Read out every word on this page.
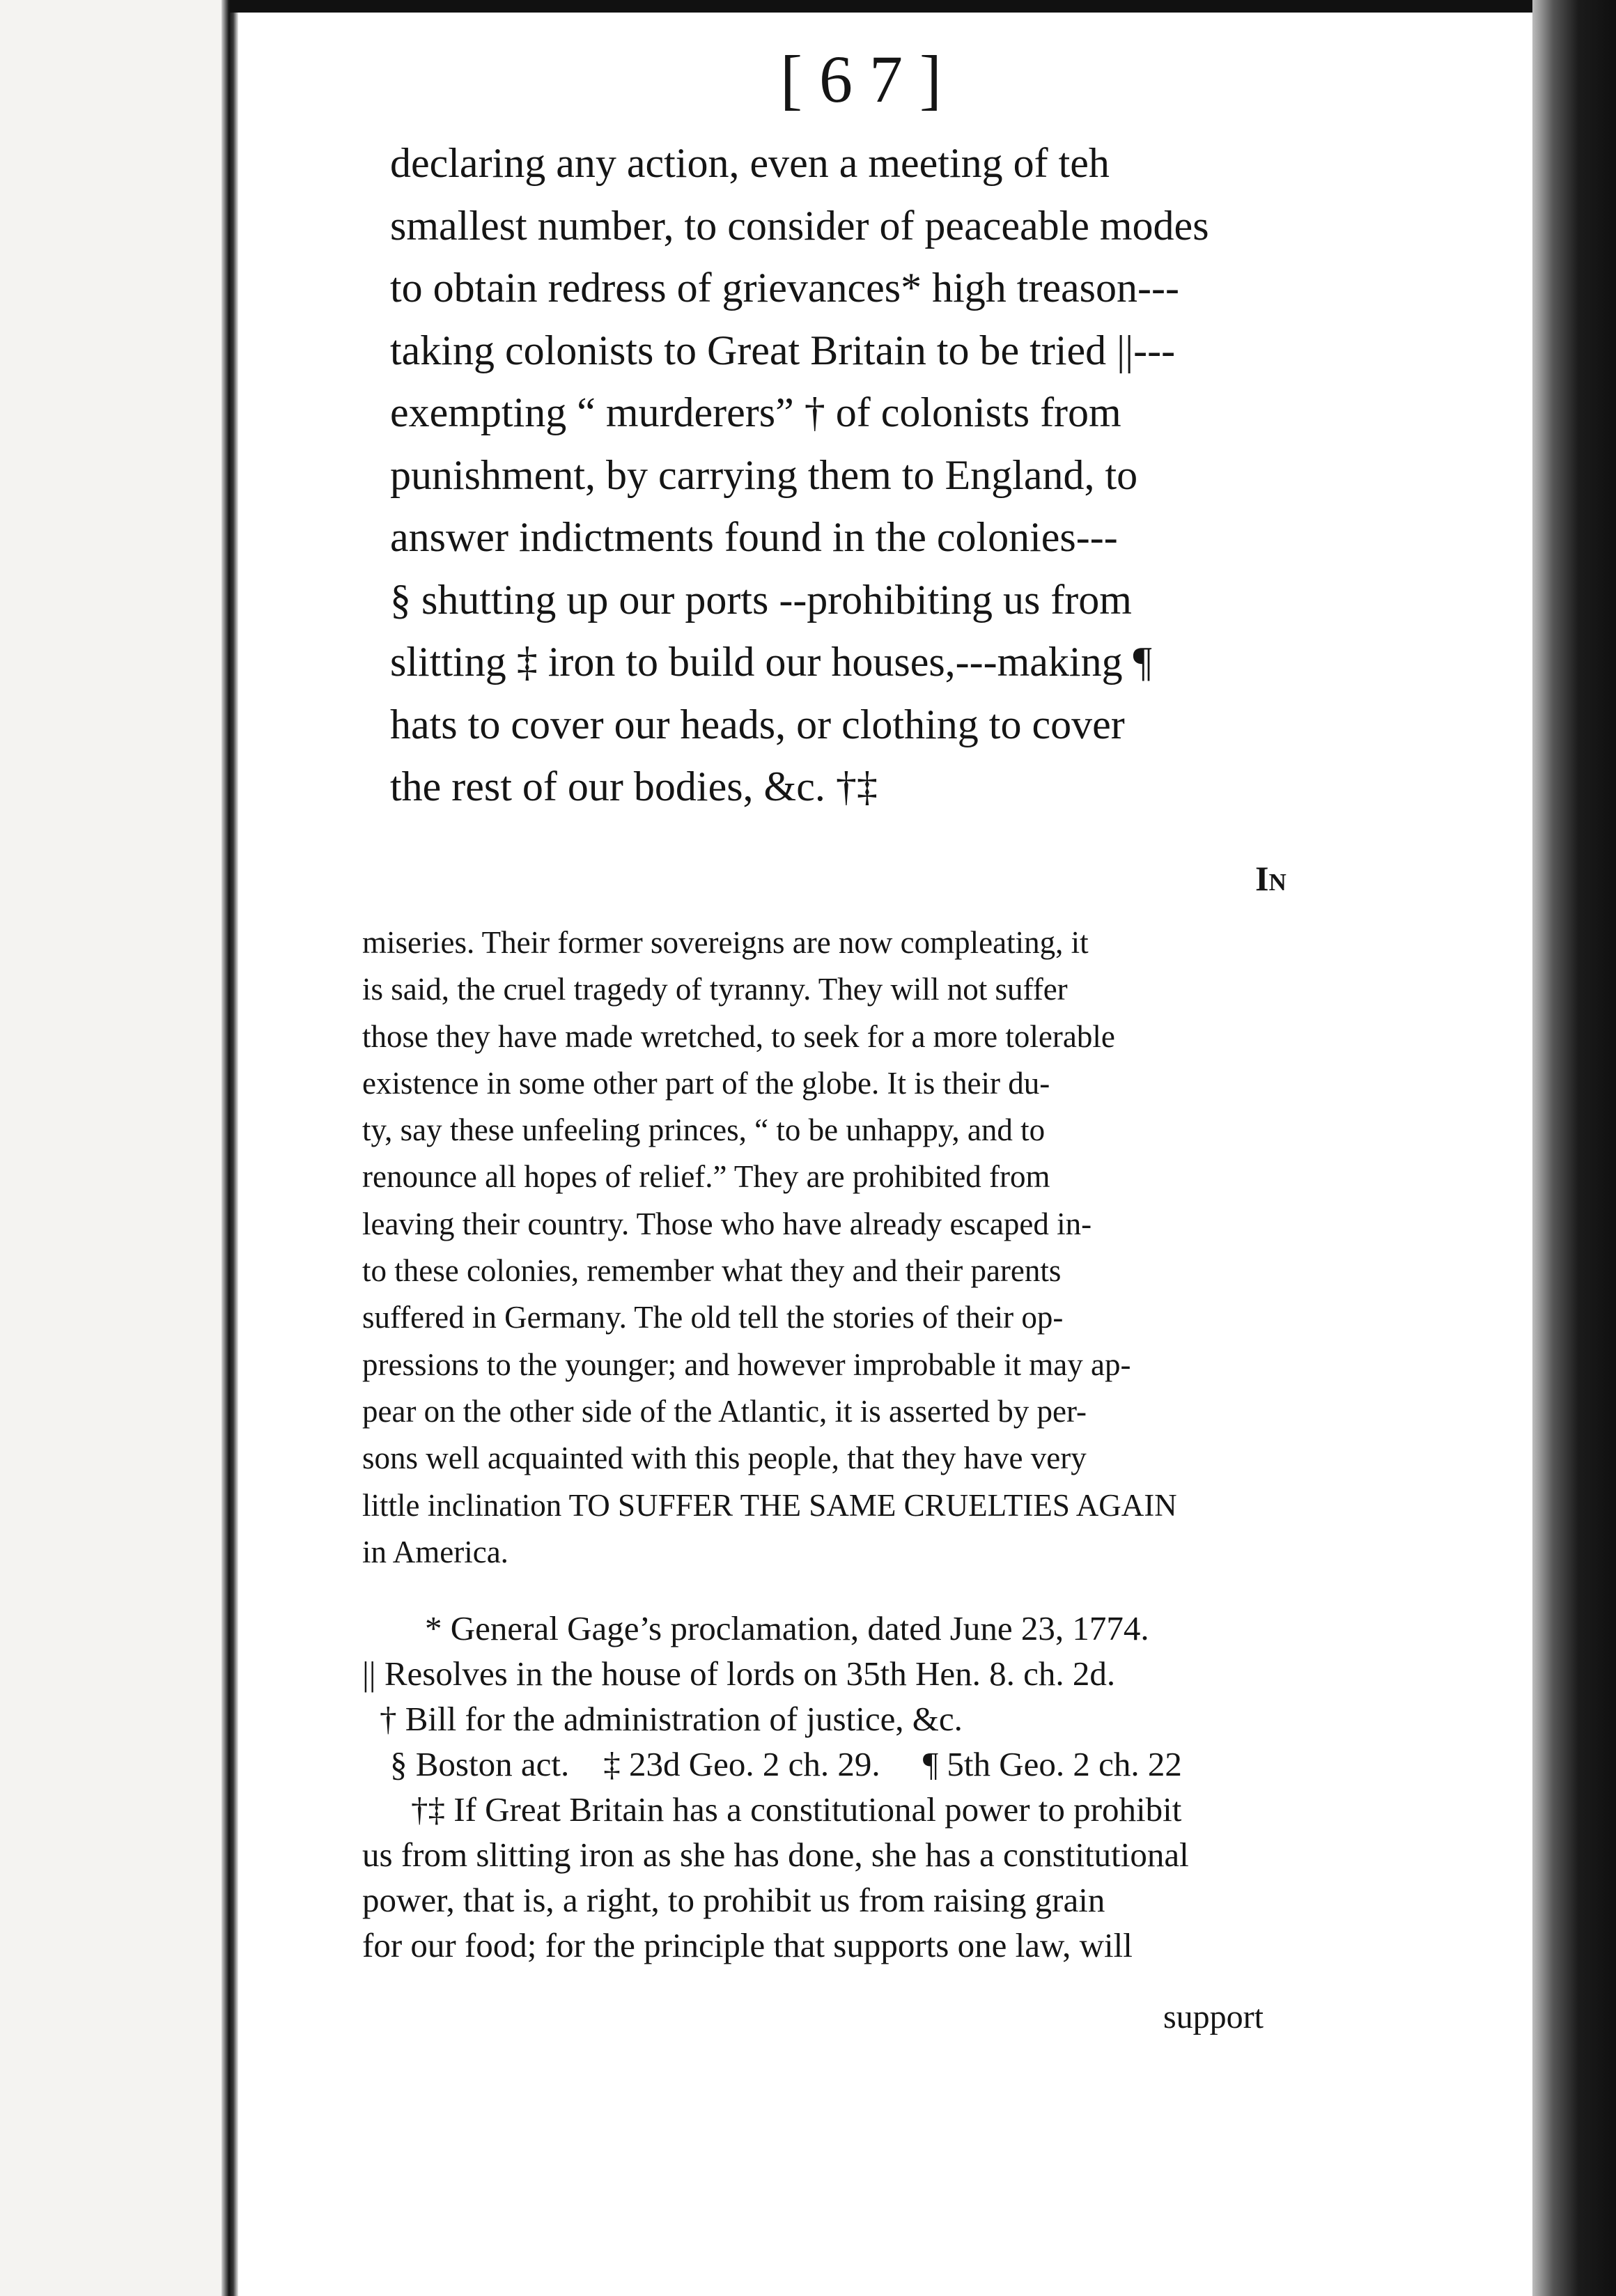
[67]
declaring any action, even a meeting of teh
smallest number, to consider of peaceable modes
to obtain redress of grievances* high treason---
taking colonists to Great Britain to be tried ||---
exempting “ murderers” † of colonists from
punishment, by carrying them to England, to
answer indictments found in the colonies---
§ shutting up our ports --prohibiting us from
slitting ‡ iron to build our houses,---making ¶
hats to cover our heads, or clothing to cover
the rest of our bodies, &c. †‡
In
miseries. Their former sovereigns are now compleating, it
is said, the cruel tragedy of tyranny. They will not suffer
those they have made wretched, to seek for a more tolerable
existence in some other part of the globe. It is their du-
ty, say these unfeeling princes, “ to be unhappy, and to
renounce all hopes of relief.” They are prohibited from
leaving their country. Those who have already escaped in-
to these colonies, remember what they and their parents
suffered in Germany. The old tell the stories of their op-
pressions to the younger; and however improbable it may ap-
pear on the other side of the Atlantic, it is asserted by per-
sons well acquainted with this people, that they have very
little inclination TO SUFFER THE SAME CRUELTIES AGAIN
in America.
* General Gage’s proclamation, dated June 23, 1774.
|| Resolves in the house of lords on 35th Hen. 8. ch. 2d.
† Bill for the administration of justice, &c.
§ Boston act. ‡ 23d Geo. 2 ch. 29. ¶ 5th Geo. 2 ch. 22
†‡ If Great Britain has a constitutional power to prohibit
us from slitting iron as she has done, she has a constitutional
power, that is, a right, to prohibit us from raising grain
for our food; for the principle that supports one law, will
support
